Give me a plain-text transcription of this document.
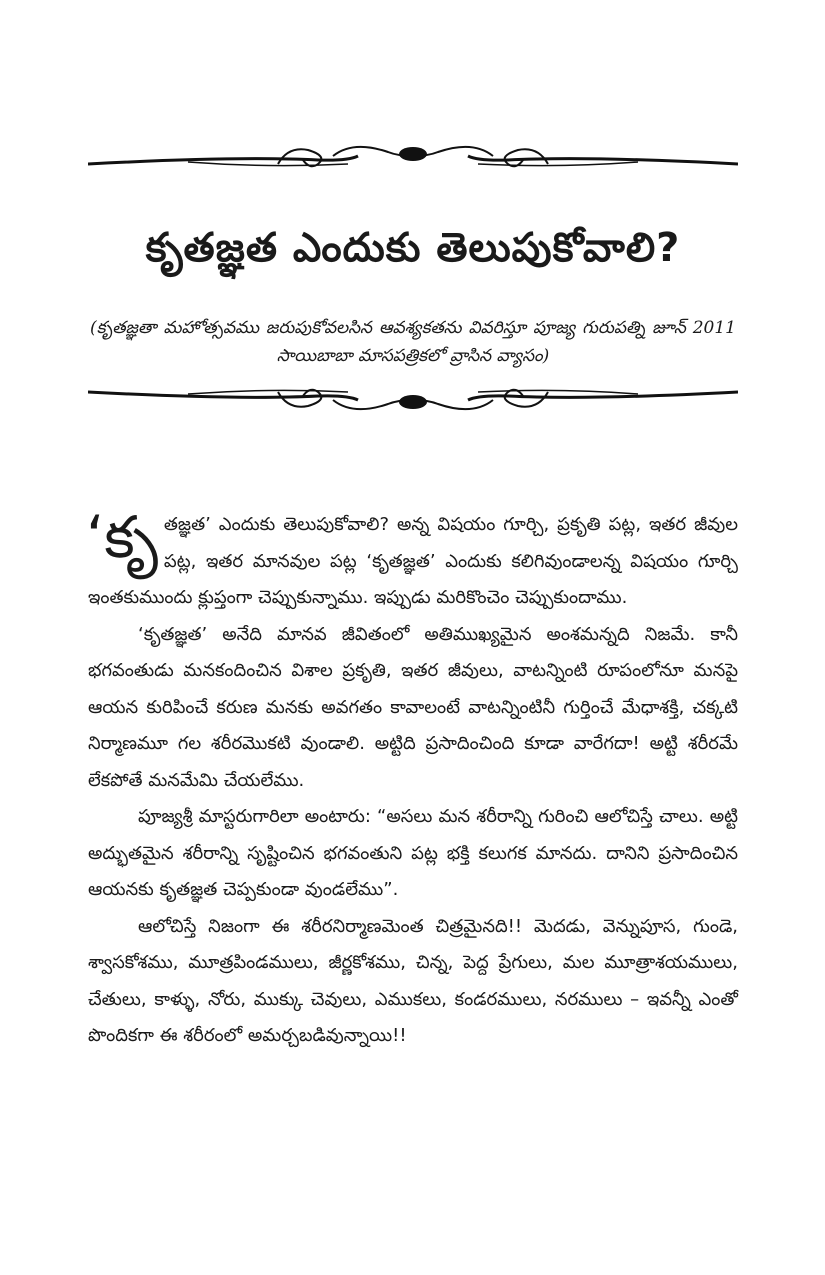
కృతజ్ఞత ఎందుకు తెలుపుకోవాలి?
(కృతజ్ఞతా మహోత్సవము జరుపుకోవలసిన ఆవశ్యకతను వివరిస్తూ పూజ్య గురుపత్ని జూన్ 2011 సాయిబాబా మాసపత్రికలో వ్రాసిన వ్యాసం)

‘కృతజ్ఞత’ ఎందుకు తెలుపుకోవాలి? అన్న విషయం గూర్చి, ప్రకృతి పట్ల, ఇతర జీవుల పట్ల, ఇతర మానవుల పట్ల ‘కృతజ్ఞత’ ఎందుకు కలిగివుండాలన్న విషయం గూర్చి ఇంతకుముందు క్లుప్తంగా చెప్పుకున్నాము. ఇప్పుడు మరికొంచెం చెప్పుకుందాము.

‘కృతజ్ఞత’ అనేది మానవ జీవితంలో అతిముఖ్యమైన అంశమన్నది నిజమే. కానీ భగవంతుడు మనకందించిన విశాల ప్రకృతి, ఇతర జీవులు, వాటన్నింటి రూపంలోనూ మనపై ఆయన కురిపించే కరుణ మనకు అవగతం కావాలంటే వాటన్నింటినీ గుర్తించే మేధాశక్తి, చక్కటి నిర్మాణమూ గల శరీరమొకటి వుండాలి. అట్టిది ప్రసాదించింది కూడా వారేగదా! అట్టి శరీరమే లేకపోతే మనమేమి చేయలేము.

పూజ్యశ్రీ మాస్టరుగారిలా అంటారు: “అసలు మన శరీరాన్ని గురించి ఆలోచిస్తే చాలు. అట్టి అద్భుతమైన శరీరాన్ని సృష్టించిన భగవంతుని పట్ల భక్తి కలుగక మానదు. దానిని ప్రసాదించిన ఆయనకు కృతజ్ఞత చెప్పకుండా వుండలేము”.

ఆలోచిస్తే నిజంగా ఈ శరీరనిర్మాణమెంత చిత్రమైనది!! మెదడు, వెన్నుపూస, గుండె, శ్వాసకోశము, మూత్రపిండములు, జీర్ణకోశము, చిన్న, పెద్ద ప్రేగులు, మల మూత్రాశయములు, చేతులు, కాళ్ళు, నోరు, ముక్కు చెవులు, ఎముకలు, కండరములు, నరములు – ఇవన్నీ ఎంతో పొందికగా ఈ శరీరంలో అమర్చబడివున్నాయి!!
